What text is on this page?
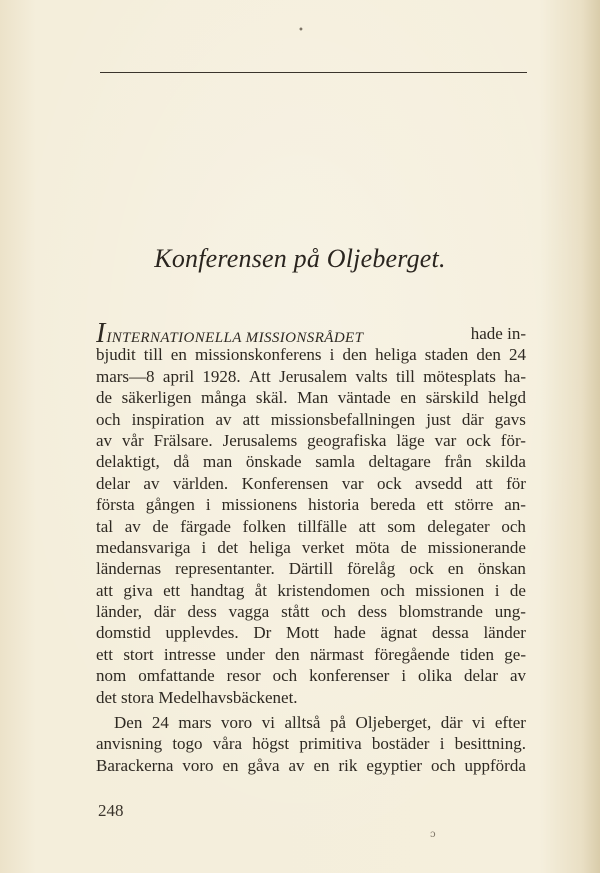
Konferensen på Oljeberget.
IINTERNATIONELLA MISSIONSRÅDET	hade in-
bjudit till en missionskonferens i den heliga staden den 24
mars—8 april 1928. Att Jerusalem valts till mötesplats ha-
de säkerligen många skäl. Man väntade en särskild helgd
och inspiration av att missionsbefallningen just där gavs
av vår Frälsare. Jerusalems geografiska läge var ock för-
delaktigt, då man önskade samla deltagare från skilda
delar av världen. Konferensen var ock avsedd att för
första gången i missionens historia bereda ett större an-
tal av de färgade folken tillfälle att som delegater och
medansvariga i det heliga verket möta de missionerande
ländernas representanter. Därtill förelåg ock en önskan
att giva ett handtag åt kristendomen och missionen i de
länder, där dess vagga stått och dess blomstrande ung-
domstid upplevdes. Dr Mott hade ägnat dessa länder
ett stort intresse under den närmast föregående tiden ge-
nom omfattande resor och konferenser i olika delar av
det stora Medelhavsbäckenet.
Den 24 mars voro vi alltså på Oljeberget, där vi efter
anvisning togo våra högst primitiva bostäder i besittning.
Barackerna voro en gåva av en rik egyptier och uppförda
248
•
ɔ
